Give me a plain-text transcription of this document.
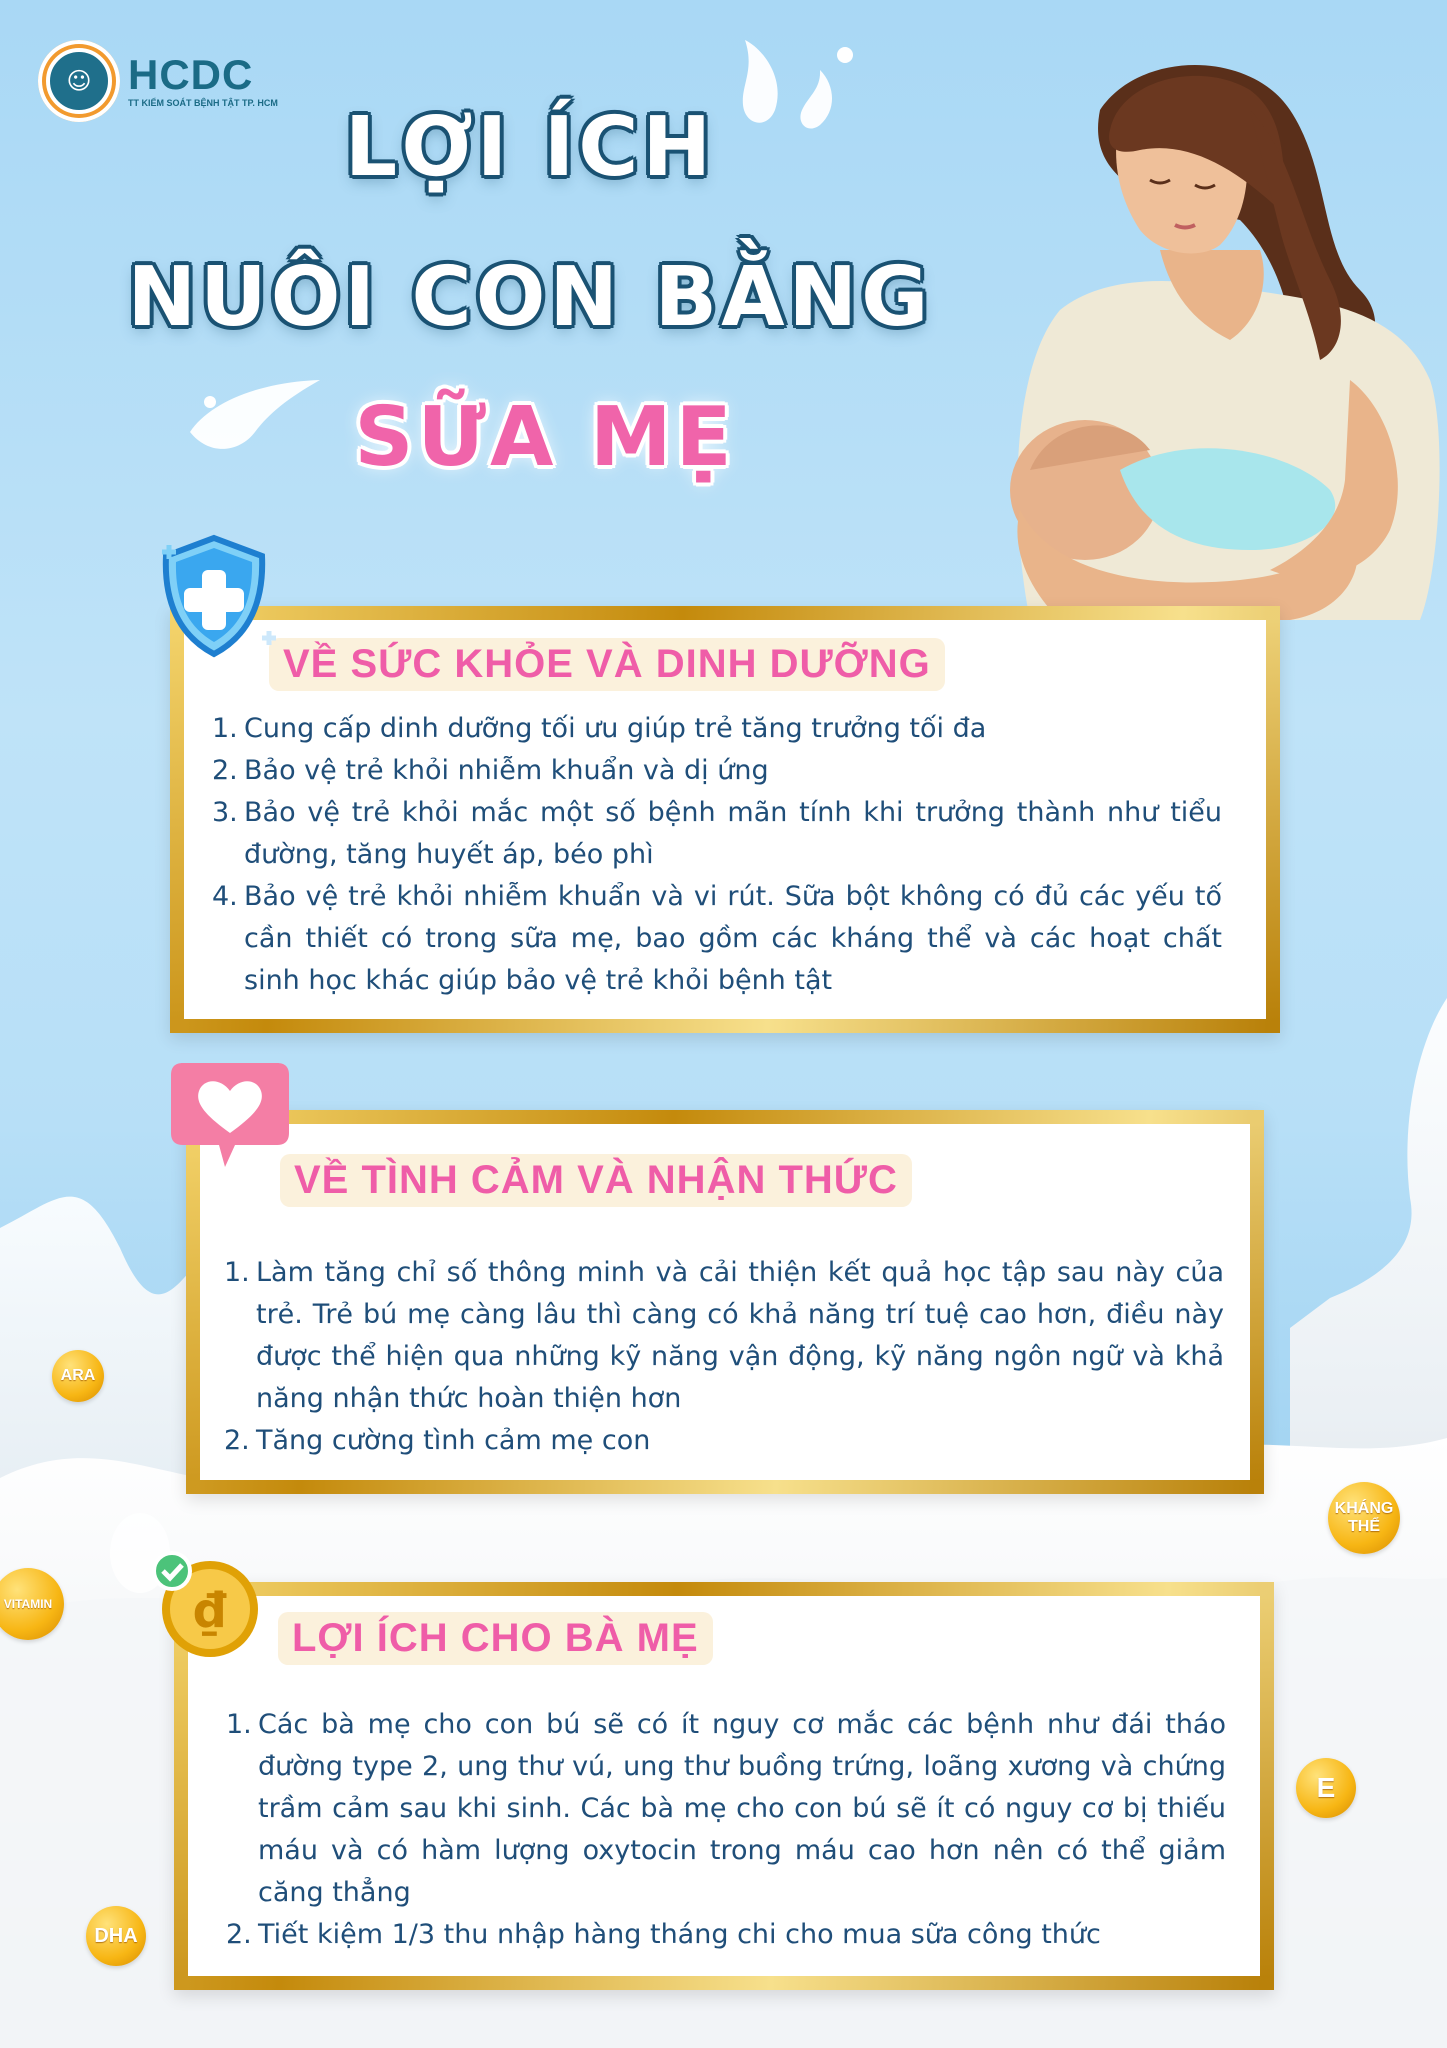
☺ HCDC
TT KIỂM SOÁT BỆNH TẬT TP. HCM LỢI ÍCH
NUÔI CON BẰNG
SỮA MẸ
VỀ SỨC KHỎE VÀ DINH DƯỠNG
1. Cung cấp dinh dưỡng tối ưu giúp trẻ tăng trưởng tối đa
2. Bảo vệ trẻ khỏi nhiễm khuẩn và dị ứng
3. Bảo vệ trẻ khỏi mắc một số bệnh mãn tính khi trưởng thành như tiểu đường, tăng huyết áp, béo phì
4. Bảo vệ trẻ khỏi nhiễm khuẩn và vi rút. Sữa bột không có đủ các yếu tố cần thiết có trong sữa mẹ, bao gồm các kháng thể và các hoạt chất sinh học khác giúp bảo vệ trẻ khỏi bệnh tật
VỀ TÌNH CẢM VÀ NHẬN THỨC
1. Làm tăng chỉ số thông minh và cải thiện kết quả học tập sau này của trẻ. Trẻ bú mẹ càng lâu thì càng có khả năng trí tuệ cao hơn, điều này được thể hiện qua những kỹ năng vận động, kỹ năng ngôn ngữ và khả năng nhận thức hoàn thiện hơn
2. Tăng cường tình cảm mẹ con
LỢI ÍCH CHO BÀ MẸ
1. Các bà mẹ cho con bú sẽ có ít nguy cơ mắc các bệnh như đái tháo đường type 2, ung thư vú, ung thư buồng trứng, loãng xương và chứng trầm cảm sau khi sinh. Các bà mẹ cho con bú sẽ ít có nguy cơ bị thiếu máu và có hàm lượng oxytocin trong máu cao hơn nên có thể giảm căng thẳng
2. Tiết kiệm 1/3 thu nhập hàng tháng chi cho mua sữa công thức
₫
ARA
KHÁNG
THỂ
VITAMIN
E
DHA
